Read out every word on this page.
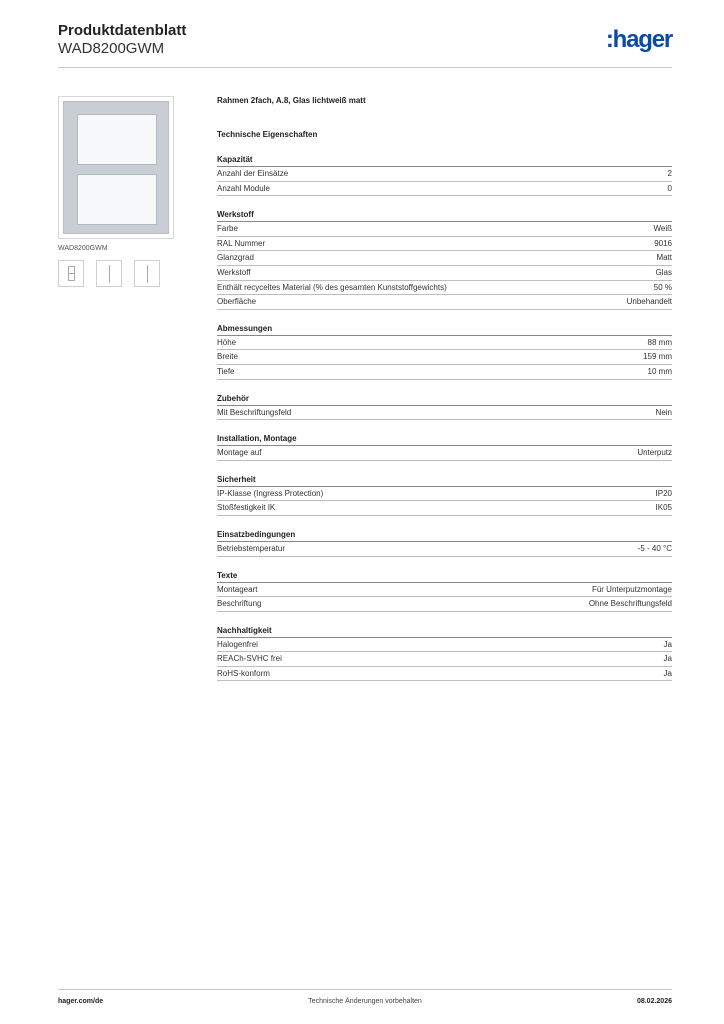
Produktdatenblatt
WAD8200GWM	:hager
WAD8200GWM
Rahmen 2fach, A.8, Glas lichtweiß matt
Technische Eigenschaften
Kapazität
Anzahl der Einsätze	2
Anzahl Module	0
Werkstoff
Farbe	Weiß
RAL Nummer	9016
Glanzgrad	Matt
Werkstoff	Glas
Enthält recyceltes Material (% des gesamten Kunststoffgewichts)	50 %
Oberfläche	Unbehandelt
Abmessungen
Höhe	88 mm
Breite	159 mm
Tiefe	10 mm
Zubehör
Mit Beschriftungsfeld	Nein
Installation, Montage
Montage auf	Unterputz
Sicherheit
IP-Klasse (Ingress Protection)	IP20
Stoßfestigkeit IK	IK05
Einsatzbedingungen
Betriebstemperatur	-5 - 40 °C
Texte
Montageart	Für Unterputzmontage
Beschriftung	Ohne Beschriftungsfeld
Nachhaltigkeit
Halogenfrei	Ja
REACh-SVHC frei	Ja
RoHS-konform	Ja
hager.com/de	Technische Änderungen vorbehalten	08.02.2026
